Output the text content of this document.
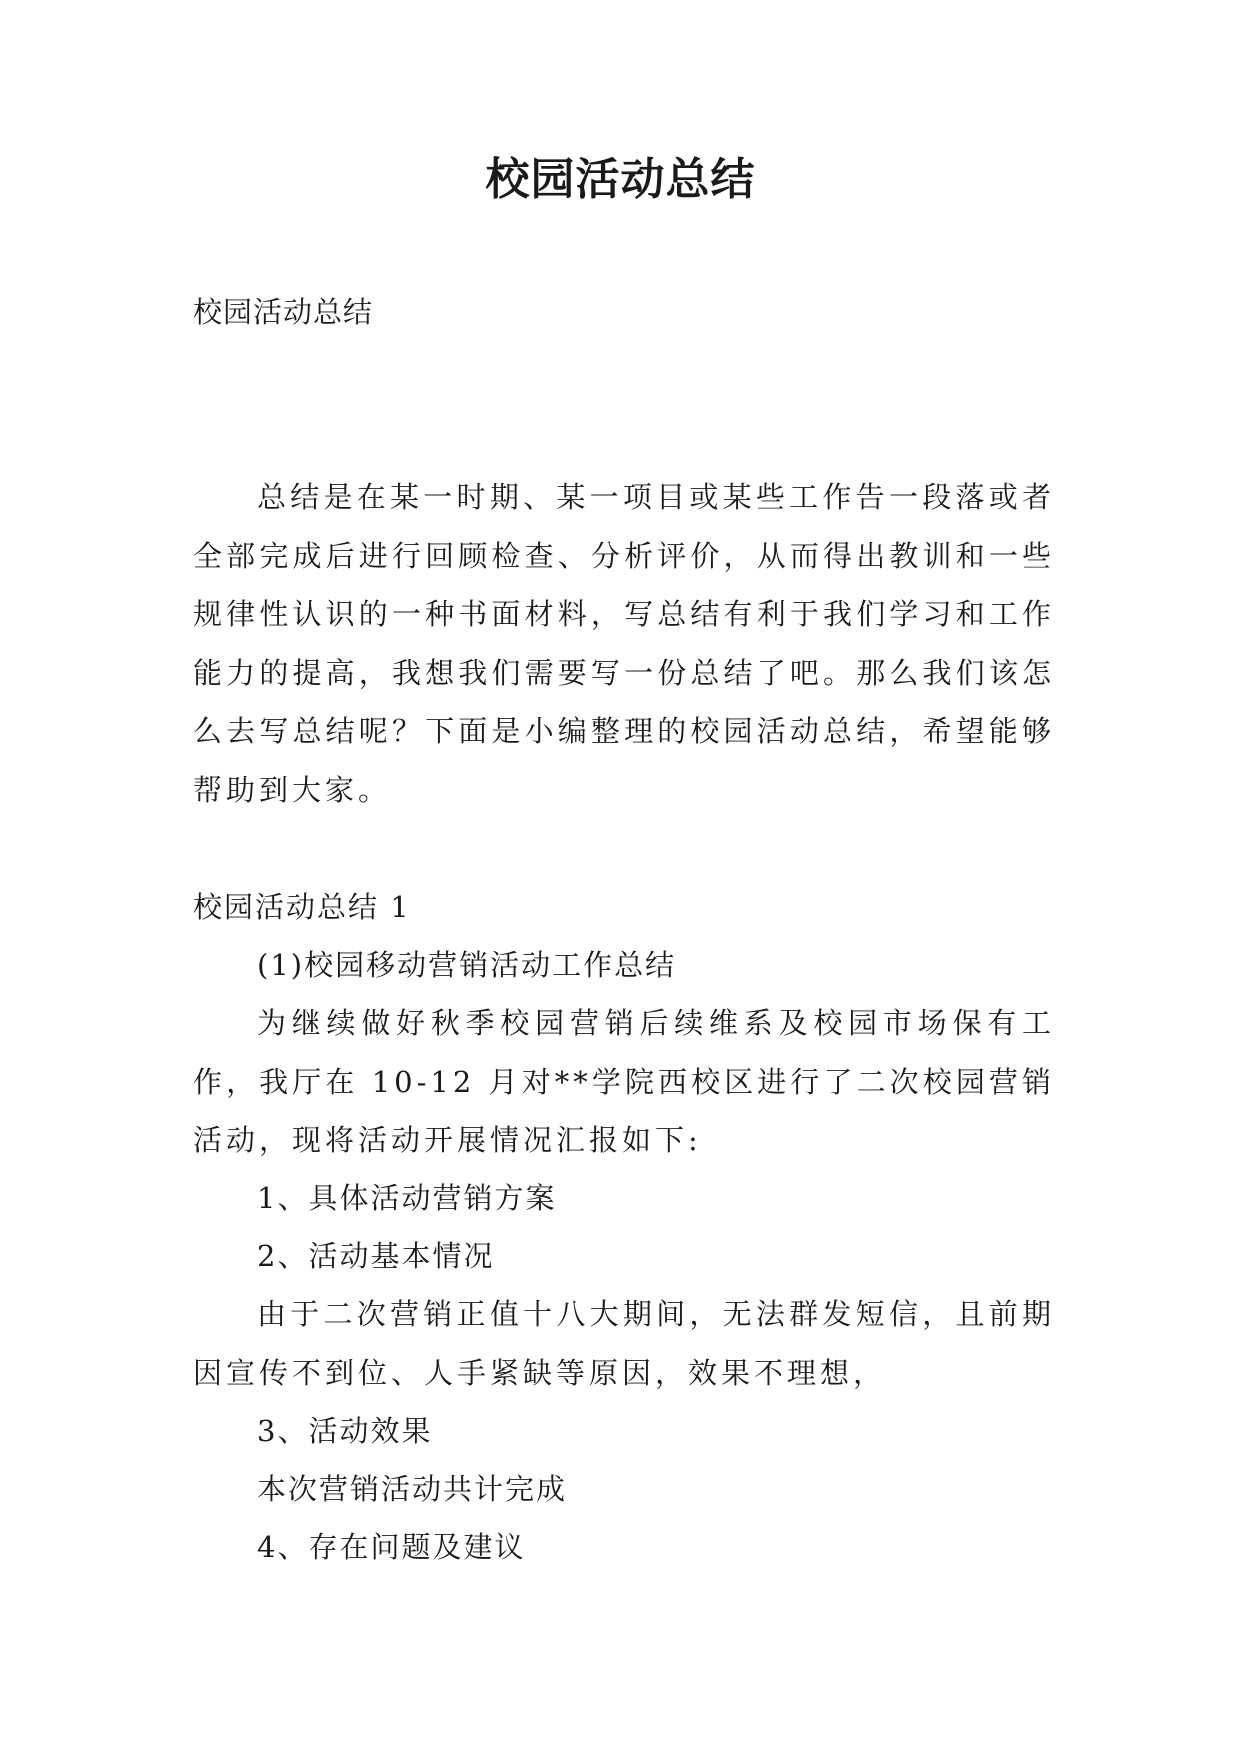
校园活动总结

校园活动总结

总结是在某一时期、某一项目或某些工作告一段落或者全部完成后进行回顾检查、分析评价，从而得出教训和一些规律性认识的一种书面材料，写总结有利于我们学习和工作能力的提高，我想我们需要写一份总结了吧。那么我们该怎么去写总结呢？下面是小编整理的校园活动总结，希望能够帮助到大家。

校园活动总结 1

(1)校园移动营销活动工作总结

为继续做好秋季校园营销后续维系及校园市场保有工作，我厅在 10-12 月对**学院西校区进行了二次校园营销活动，现将活动开展情况汇报如下:

1、具体活动营销方案

2、活动基本情况

由于二次营销正值十八大期间，无法群发短信，且前期因宣传不到位、人手紧缺等原因，效果不理想，

3、活动效果

本次营销活动共计完成

4、存在问题及建议
